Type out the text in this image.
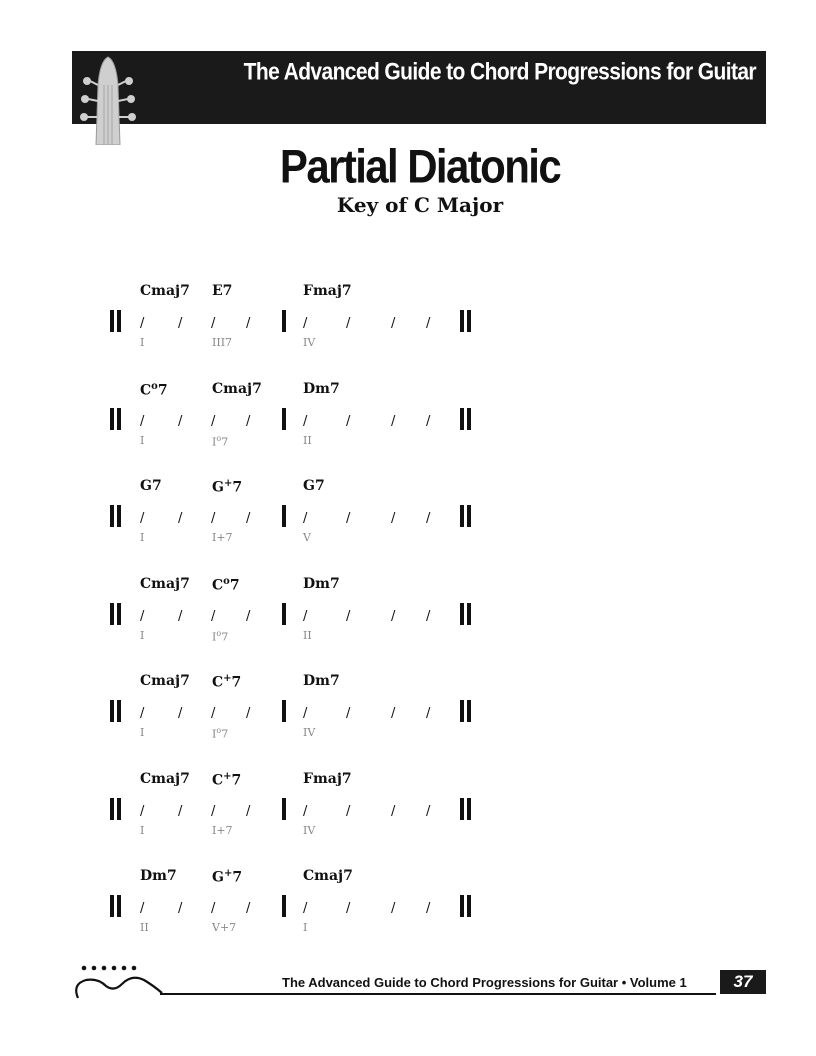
The Advanced Guide to Chord Progressions for Guitar
Partial Diatonic
Key of C Major
Cmaj7 E7	Fmaj7
I	III7	IV
/	/ / /	/	/	/ /
$C^o7$	Cmaj7	Dm7
I	$I^o7$	II
/	/ / /	/	/	/ /
G7	G+7	G7
I	I+7	V
/	/ / /	/	/	/ /
Cmaj7 $C^o7$	Dm7
I	$I^o7$	II
/	/ / /	/	/	/ /
Cmaj7 C+7	Dm7
I	$I^o7$	IV
/	/ / /	/	/	/ /
Cmaj7 C+7	Fmaj7
I	I+7	IV
/	/ / /	/	/	/ /
Dm7	G+7	Cmaj7
II	V+7	I
/	/ / /	/	/	/ /
The Advanced Guide to Chord Progressions for Guitar • Volume 1	37
